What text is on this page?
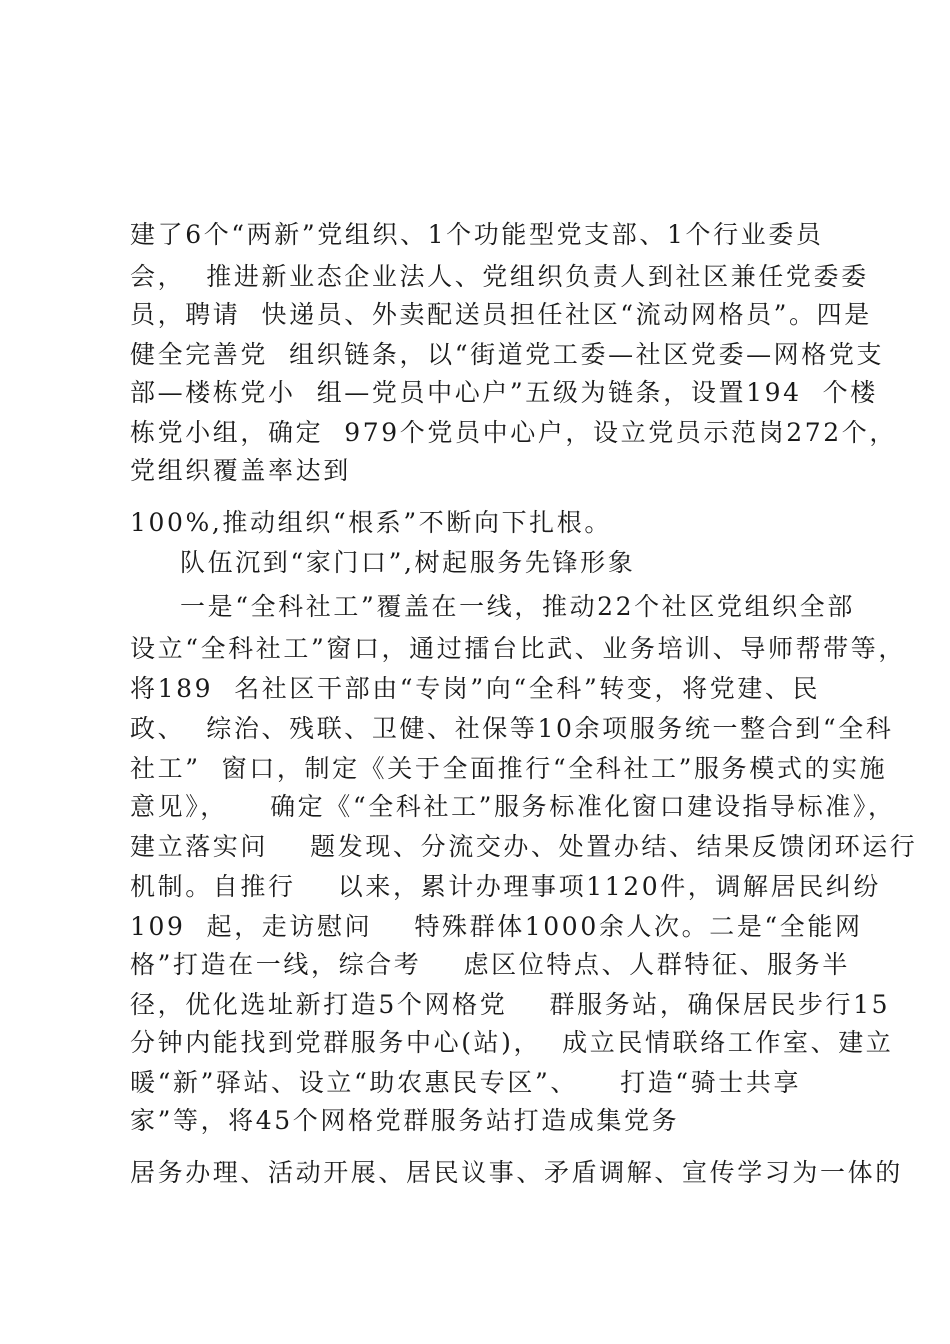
建了6个“两新”党组织、1个功能型党支部、1个行业委员
会，  推进新业态企业法人、党组织负责人到社区兼任党委委
员，聘请  快递员、外卖配送员担任社区“流动网格员”。四是
健全完善党  组织链条，以“街道党工委—社区党委—网格党支
部—楼栋党小  组—党员中心户”五级为链条，设置194  个楼
栋党小组，确定  979个党员中心户，设立党员示范岗272个，
党组织覆盖率达到
100%,推动组织“根系”不断向下扎根。
队伍沉到“家门口”,树起服务先锋形象
一是“全科社工”覆盖在一线，推动22个社区党组织全部
设立“全科社工”窗口，通过擂台比武、业务培训、导师帮带等，
将189  名社区干部由“专岗”向“全科”转变，将党建、民
政、  综治、残联、卫健、社保等10余项服务统一整合到“全科
社工”  窗口，制定《关于全面推行“全科社工”服务模式的实施
意见》，    确定《“全科社工”服务标准化窗口建设指导标准》，
建立落实问    题发现、分流交办、处置办结、结果反馈闭环运行
机制。自推行    以来，累计办理事项1120件，调解居民纠纷
109  起，走访慰问    特殊群体1000余人次。二是“全能网
格”打造在一线，综合考    虑区位特点、人群特征、服务半
径，优化选址新打造5个网格党    群服务站，确保居民步行15
分钟内能找到党群服务中心(站)，  成立民情联络工作室、建立
暖“新”驿站、设立“助农惠民专区”、    打造“骑士共享
家”等，将45个网格党群服务站打造成集党务
居务办理、活动开展、居民议事、矛盾调解、宣传学习为一体的
